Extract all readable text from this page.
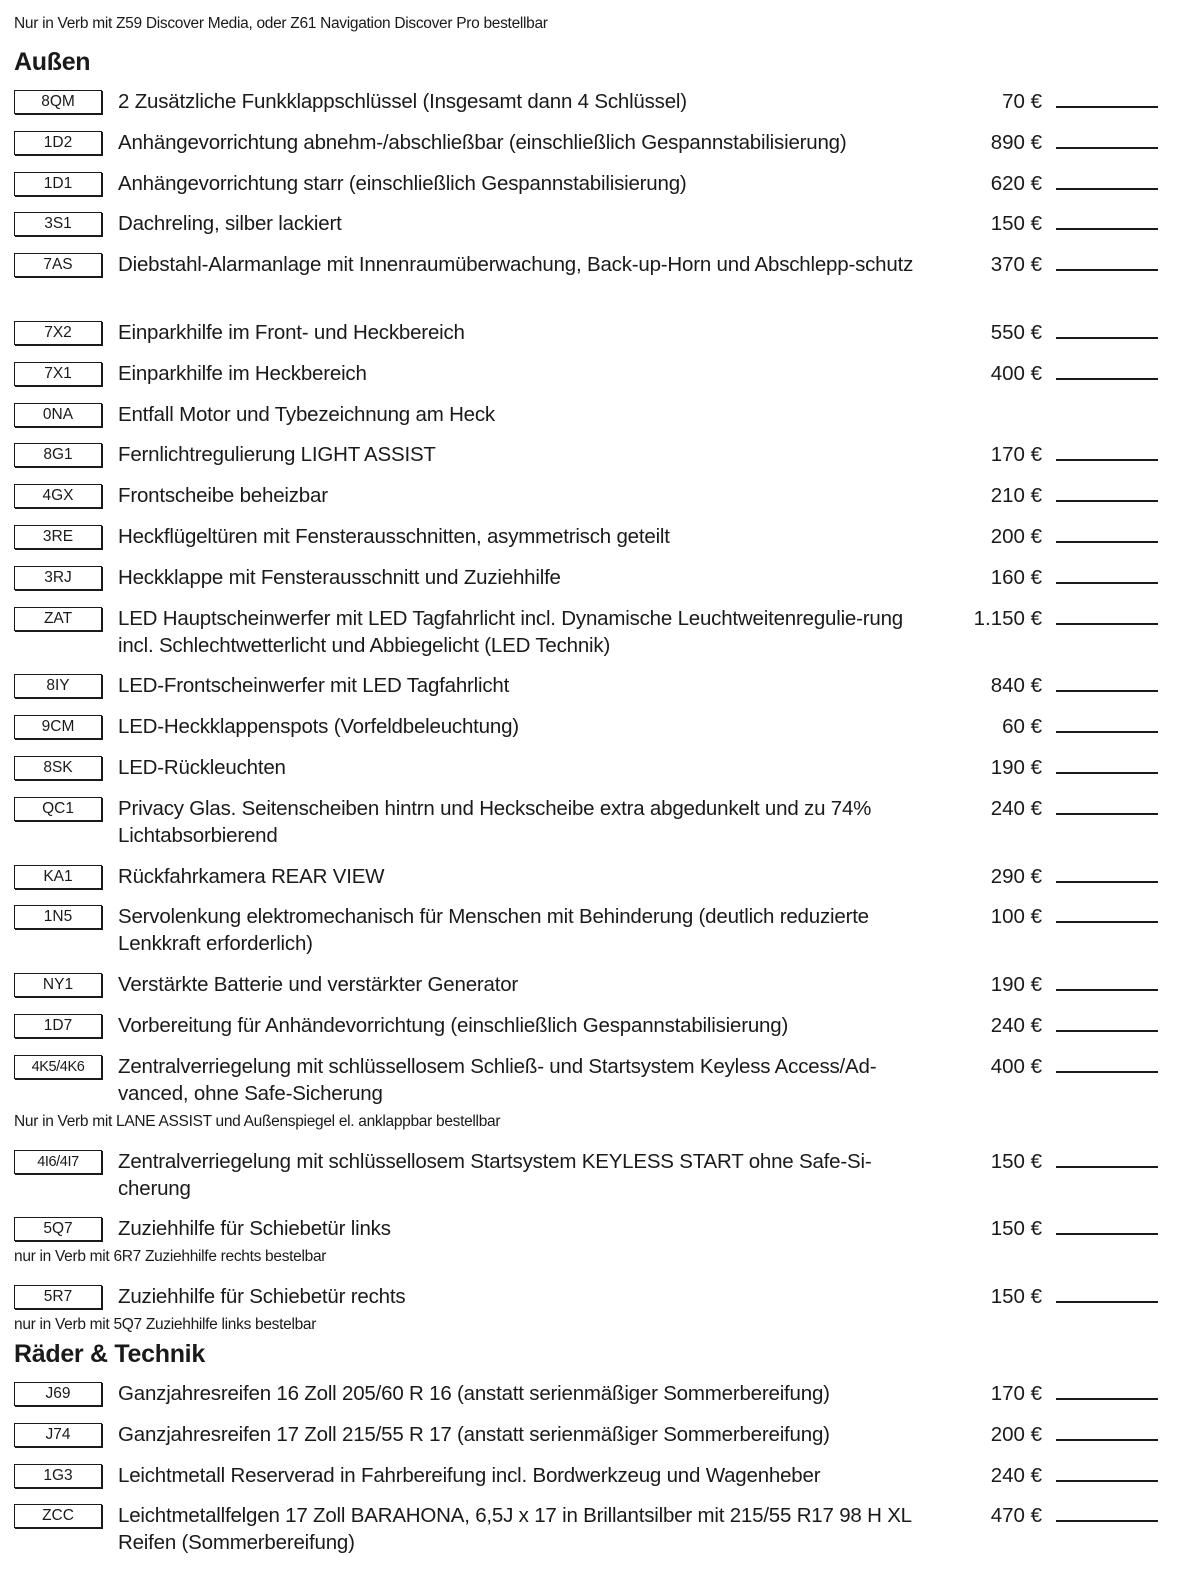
Nur in Verb mit Z59 Discover Media, oder Z61 Navigation Discover Pro bestellbar
Außen
8QM	2 Zusätzliche Funkklappschlüssel (Insgesamt dann 4 Schlüssel)	70 €
1D2	Anhängevorrichtung abnehm-/abschließbar (einschließlich Gespannstabilisierung)	890 €
1D1	Anhängevorrichtung starr (einschließlich Gespannstabilisierung)	620 €
3S1	Dachreling, silber lackiert	150 €
7AS	Diebstahl-Alarmanlage mit Innenraumüberwachung, Back-up-Horn und Abschlepp-schutz	370 €
7X2	Einparkhilfe im Front- und Heckbereich	550 €
7X1	Einparkhilfe im Heckbereich	400 €
0NA	Entfall Motor und Tybezeichnung am Heck
8G1	Fernlichtregulierung LIGHT ASSIST	170 €
4GX	Frontscheibe beheizbar	210 €
3RE	Heckflügeltüren mit Fensterausschnitten, asymmetrisch geteilt	200 €
3RJ	Heckklappe mit Fensterausschnitt und Zuziehhilfe	160 €
ZAT	LED Hauptscheinwerfer mit LED Tagfahrlicht incl. Dynamische Leuchtweitenregulie-rung incl. Schlechtwetterlicht und Abbiegelicht (LED Technik)
1.150 €
8IY	LED-Frontscheinwerfer mit LED Tagfahrlicht	840 €
9CM	LED-Heckklappenspots (Vorfeldbeleuchtung)	60 €
8SK	LED-Rückleuchten	190 €
QC1	Privacy Glas. Seitenscheiben hintrn und Heckscheibe extra abgedunkelt und zu 74% Lichtabsorbierend
240 €
KA1	Rückfahrkamera REAR VIEW	290 €
1N5	Servolenkung elektromechanisch für Menschen mit Behinderung (deutlich reduzierte Lenkkraft erforderlich)
100 €
NY1	Verstärkte Batterie und verstärkter Generator	190 €
1D7	Vorbereitung für Anhändevorrichtung (einschließlich Gespannstabilisierung)	240 €
4K5/4K6	Zentralverriegelung mit schlüssellosem Schließ- und Startsystem Keyless Access/Ad-vanced, ohne Safe-Sicherung
400 €
Nur in Verb mit LANE ASSIST und Außenspiegel el. anklappbar bestellbar
4I6/4I7	Zentralverriegelung mit schlüssellosem Startsystem KEYLESS START ohne Safe-Si-cherung
150 €
5Q7	Zuziehhilfe für Schiebetür links	150 €
nur in Verb mit 6R7 Zuziehhilfe rechts bestelbar
5R7	Zuziehhilfe für Schiebetür rechts	150 €
nur in Verb mit 5Q7 Zuziehhilfe links bestelbar
Räder & Technik
J69	Ganzjahresreifen 16 Zoll 205/60 R 16 (anstatt serienmäßiger Sommerbereifung)	170 €
J74	Ganzjahresreifen 17 Zoll 215/55 R 17 (anstatt serienmäßiger Sommerbereifung)	200 €
1G3	Leichtmetall Reserverad in Fahrbereifung incl. Bordwerkzeug und Wagenheber	240 €
ZCC	Leichtmetallfelgen 17 Zoll BARAHONA, 6,5J x 17 in Brillantsilber mit 215/55 R17 98 H XL Reifen (Sommerbereifung)
470 €
